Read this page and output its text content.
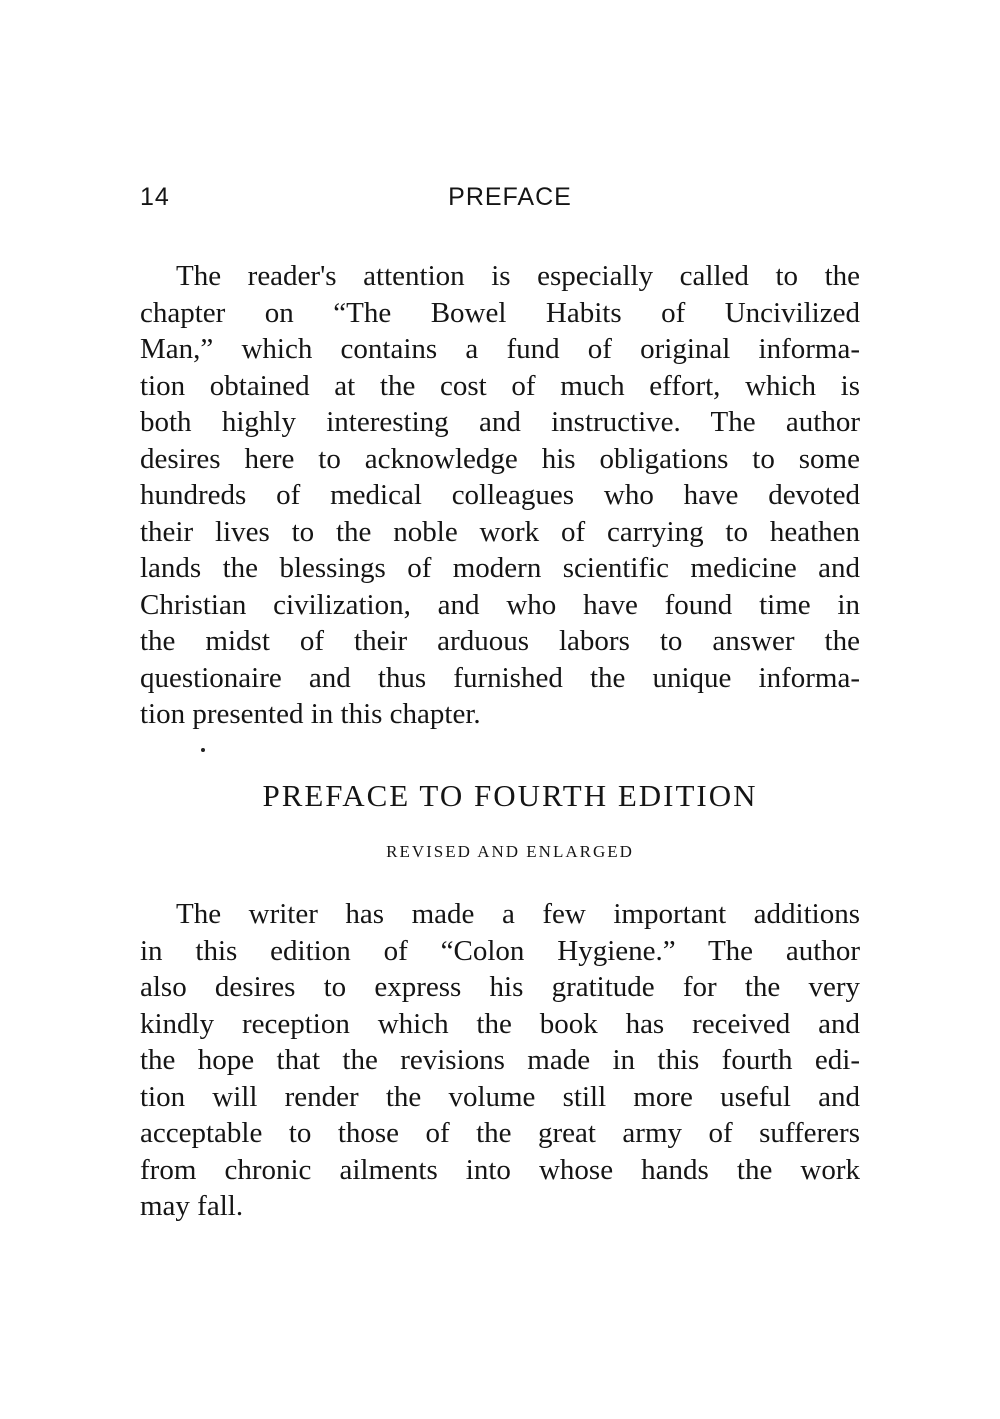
14	PREFACE
The reader's attention is especially called to the
chapter on “The Bowel Habits of Uncivilized
Man,” which contains a fund of original informa-
tion obtained at the cost of much effort, which is
both highly interesting and instructive. The author
desires here to acknowledge his obligations to some
hundreds of medical colleagues who have devoted
their lives to the noble work of carrying to heathen
lands the blessings of modern scientific medicine and
Christian civilization, and who have found time in
the midst of their arduous labors to answer the
questionaire and thus furnished the unique informa-
tion presented in this chapter.
PREFACE TO FOURTH EDITION
REVISED AND ENLARGED
The writer has made a few important additions
in this edition of “Colon Hygiene.” The author
also desires to express his gratitude for the very
kindly reception which the book has received and
the hope that the revisions made in this fourth edi-
tion will render the volume still more useful and
acceptable to those of the great army of sufferers
from chronic ailments into whose hands the work
may fall.
